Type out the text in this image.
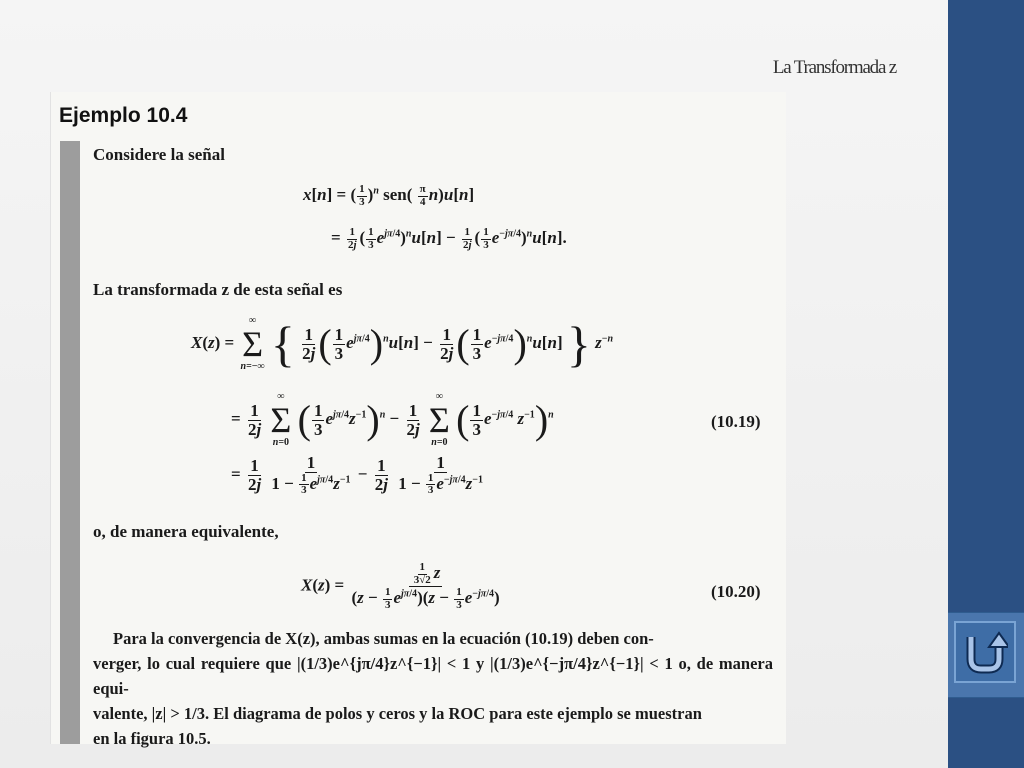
La Transformada z
Ejemplo 10.4
Considere la señal
x[n] = ( $\frac{1}{3} )^n$ $sen( \frac{\pi}{4} n)u[n]$
= $\frac{1}{2j}$ ( $\frac{1}{3} e^{j\pi/4})^nu[n] - \frac{1}{2j}$ ( $\frac{1}{3} e^{-j\pi/4})^nu[n]$.
La transformada z de esta señal es
X(z) =
∞
Σ
n=−∞ { $\frac{1}{2j}$ ( $\frac{1}{3} e^{j\pi/4})^nu[n] - \frac{1}{2j}$ ( $\frac{1}{3} e^{-j\pi/4})^nu[n]$ } $z^{-n}$
= $\frac{1}{2j}$

∞
Σ
n=0
( $\frac{1}{3} e^{j\pi/4}z^{-1})^n - \frac{1}{2j}$

∞
Σ
n=0
( $\frac{1}{3} e^{-j\pi/4}$ $z^{-1})^n$	(10.19)
= $\frac{1}{2j}$
	1
$1 - \frac{1}{3} e^{j\pi/4}z^{-1} - \frac{1}{2j}$
$\frac{1}{1 - \frac{1}{3} e^{-j\pi/4}z^{-1}}$
o, de manera equivalente,
X(z) =	$\frac{1}{3√2}$ z
$(z - \frac{1}{3} e^{j\pi/4})(z - \frac{1}{3} e^{-j\pi/4})$	(10.20)
Para la convergencia de X(z), ambas sumas en la ecuación (10.19) deben con-
verger, lo cual requiere que |(1/3)e^{jπ/4}z^{−1}| < 1 y |(1/3)e^{−jπ/4}z^{−1}| < 1 o, de manera equi-
valente, |z| > 1/3. El diagrama de polos y ceros y la ROC para este ejemplo se muestran
en la figura 10.5.
